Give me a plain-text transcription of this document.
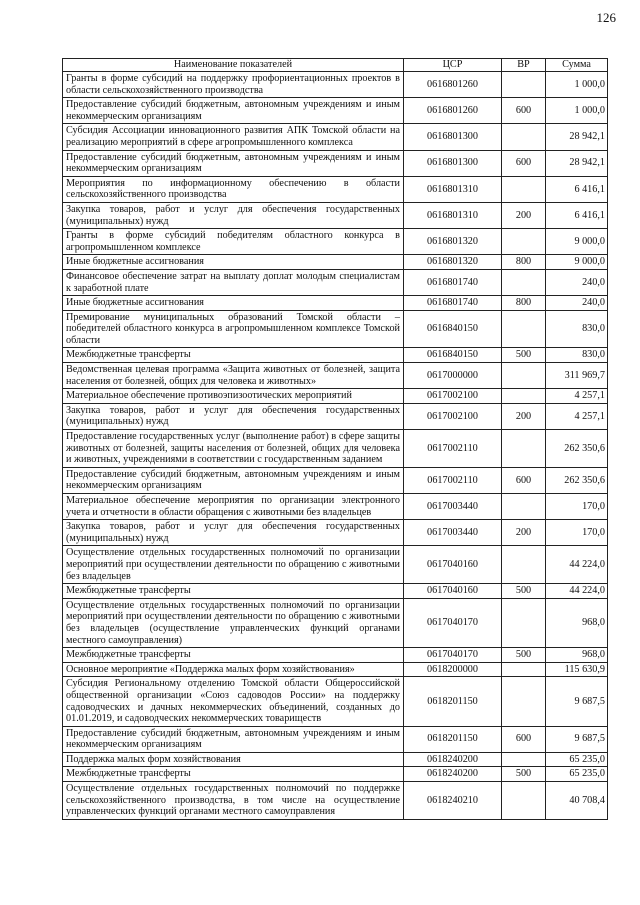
126
Наименование показателей	ЦСР	ВР	Сумма
Гранты в форме субсидий на поддержку профориентационных проектов в области сельскохозяйственного производства	0616801260		1 000,0
Предоставление субсидий бюджетным, автономным учреждениям и иным некоммерческим организациям	0616801260	600	1 000,0
Субсидия Ассоциации инновационного развития АПК Томской области на реализацию мероприятий в сфере агропромышленного комплекса	0616801300		28 942,1
Предоставление субсидий бюджетным, автономным учреждениям и иным некоммерческим организациям	0616801300	600	28 942,1
Мероприятия по информационному обеспечению в области сельскохозяйственного производства	0616801310		6 416,1
Закупка товаров, работ и услуг для обеспечения государственных (муниципальных) нужд	0616801310	200	6 416,1
Гранты в форме субсидий победителям областного конкурса в агропромышленном комплексе	0616801320		9 000,0
Иные бюджетные ассигнования	0616801320	800	9 000,0
Финансовое обеспечение затрат на выплату доплат молодым специалистам к заработной плате	0616801740		240,0
Иные бюджетные ассигнования	0616801740	800	240,0
Премирование муниципальных образований Томской области – победителей областного конкурса в агропромышленном комплексе Томской области	0616840150		830,0
Межбюджетные трансферты	0616840150	500	830,0
Ведомственная целевая программа «Защита животных от болезней, защита населения от болезней, общих для человека и животных»	0617000000		311 969,7
Материальное обеспечение противоэпизоотических мероприятий	0617002100		4 257,1
Закупка товаров, работ и услуг для обеспечения государственных (муниципальных) нужд	0617002100	200	4 257,1
Предоставление государственных услуг (выполнение работ) в сфере защиты животных от болезней, защиты населения от болезней, общих для человека и животных, учреждениями в соответствии с государственным заданием	0617002110		262 350,6
Предоставление субсидий бюджетным, автономным учреждениям и иным некоммерческим организациям	0617002110	600	262 350,6
Материальное обеспечение мероприятия по организации электронного учета и отчетности в области обращения с животными без владельцев	0617003440		170,0
Закупка товаров, работ и услуг для обеспечения государственных (муниципальных) нужд	0617003440	200	170,0
Осуществление отдельных государственных полномочий по организации мероприятий при осуществлении деятельности по обращению с животными без владельцев	0617040160		44 224,0
Межбюджетные трансферты	0617040160	500	44 224,0
Осуществление отдельных государственных полномочий по организации мероприятий при осуществлении деятельности по обращению с животными без владельцев (осуществление управленческих функций органами местного самоуправления)	0617040170		968,0
Межбюджетные трансферты	0617040170	500	968,0
Основное мероприятие «Поддержка малых форм хозяйствования»	0618200000		115 630,9
Субсидия Региональному отделению Томской области Общероссийской общественной организации «Союз садоводов России» на поддержку садоводческих и дачных некоммерческих объединений, созданных до 01.01.2019, и садоводческих некоммерческих товариществ	0618201150		9 687,5
Предоставление субсидий бюджетным, автономным учреждениям и иным некоммерческим организациям	0618201150	600	9 687,5
Поддержка малых форм хозяйствования	0618240200		65 235,0
Межбюджетные трансферты	0618240200	500	65 235,0
Осуществление отдельных государственных полномочий по поддержке сельскохозяйственного производства, в том числе на осуществление управленческих функций органами местного самоуправления	0618240210		40 708,4
